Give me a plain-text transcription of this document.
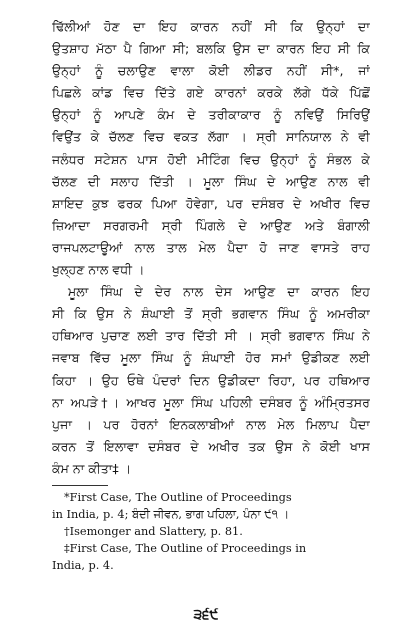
ਢਿੱਲੀਆਂ ਹੋਣ ਦਾ ਇਹ ਕਾਰਨ ਨਹੀਂ ਸੀ ਕਿ ਉਨ੍ਹਾਂ ਦਾ
ਉਤਸ਼ਾਹ ਮੱਠਾ ਪੈ ਗਿਆ ਸੀ; ਬਲਕਿ ਉਸ ਦਾ ਕਾਰਨ ਇਹ ਸੀ ਕਿ
ਉਨ੍ਹਾਂ ਨੂੰ ਚਲਾਉਣ ਵਾਲਾ ਕੋਈ ਲੀਡਰ ਨਹੀਂ ਸੀ*, ਜਾਂ
ਪਿਛਲੇ ਕਾਂਡ ਵਿਚ ਦਿੱਤੇ ਗਏ ਕਾਰਨਾਂ ਕਰਕੇ ਲੱਗੇ ਧੱਕੇ ਪਿੱਛੋਂ
ਉਨ੍ਹਾਂ ਨੂੰ ਆਪਣੇ ਕੰਮ ਦੇ ਤਰੀਕਾਕਾਰ ਨੂੰ ਨਵਿਉਂ ਸਿਰਿਉਂ
ਵਿਉਂਤ ਕੇ ਚੱਲਣ ਵਿਚ ਵਕਤ ਲੱਗਾ । ਸ੍ਰੀ ਸਾਨਿਯਾਲ ਨੇ ਵੀ
ਜਲੰਧਰ ਸਟੇਸ਼ਨ ਪਾਸ ਹੋਈ ਮੀਟਿੰਗ ਵਿਚ ਉਨ੍ਹਾਂ ਨੂੰ ਸੰਭਲ ਕੇ
ਚੱਲਣ ਦੀ ਸਲਾਹ ਦਿੱਤੀ । ਮੂਲਾ ਸਿੰਘ ਦੇ ਆਉਣ ਨਾਲ ਵੀ
ਸ਼ਾਇਦ ਕੁਝ ਫਰਕ ਪਿਆ ਹੋਵੇਗਾ, ਪਰ ਦਸੰਬਰ ਦੇ ਅਖੀਰ ਵਿਚ
ਜ਼ਿਆਦਾ ਸਰਗਰਮੀ ਸ੍ਰੀ ਪਿੰਗਲੇ ਦੇ ਆਉਣ ਅਤੇ ਬੰਗਾਲੀ
ਰਾਜਪਲਟਾਊਆਂ ਨਾਲ ਤਾਲ ਮੇਲ ਪੈਦਾ ਹੋ ਜਾਣ ਵਾਸਤੇ ਰਾਹ
ਖੁਲ੍ਹਣ ਨਾਲ ਵਧੀ ।
ਮੂਲਾ ਸਿੰਘ ਦੇ ਦੇਰ ਨਾਲ ਦੇਸ ਆਉਣ ਦਾ ਕਾਰਨ ਇਹ
ਸੀ ਕਿ ਉਸ ਨੇ ਸ਼ੰਘਾਈ ਤੋਂ ਸ੍ਰੀ ਭਗਵਾਨ ਸਿੰਘ ਨੂੰ ਅਮਰੀਕਾ
ਹਥਿਆਰ ਪੁਚਾਣ ਲਈ ਤਾਰ ਦਿੱਤੀ ਸੀ । ਸ੍ਰੀ ਭਗਵਾਨ ਸਿੰਘ ਨੇ
ਜਵਾਬ ਵਿੱਚ ਮੂਲਾ ਸਿੰਘ ਨੂੰ ਸ਼ੰਘਾਈ ਹੋਰ ਸਮਾਂ ਉਡੀਕਣ ਲਈ
ਕਿਹਾ । ਉਹ ਓਥੇ ਪੰਦਰਾਂ ਦਿਨ ਉਡੀਕਦਾ ਰਿਹਾ, ਪਰ ਹਥਿਆਰ
ਨਾ ਅਪੜੇ†। ਆਖਰ ਮੂਲਾ ਸਿੰਘ ਪਹਿਲੀ ਦਸੰਬਰ ਨੂੰ ਅੰਮ੍ਰਿਤਸਰ
ਪੁਜਾ । ਪਰ ਹੋਰਨਾਂ ਇਨਕਲਾਬੀਆਂ ਨਾਲ ਮੇਲ ਮਿਲਾਪ ਪੈਦਾ
ਕਰਨ ਤੋਂ ਇਲਾਵਾ ਦਸੰਬਰ ਦੇ ਅਖੀਰ ਤਕ ਉਸ ਨੇ ਕੋਈ ਖਾਸ
ਕੰਮ ਨਾ ਕੀਤਾ‡ ।
*First Case, The Outline of Proceedings
in India, p. 4; ਬੰਦੀ ਜੀਵਨ, ਭਾਗ ਪਹਿਲਾ, ਪੰਨਾ ੯੧ ।
†Isemonger and Slattery, p. 81.
‡First Case, The Outline of Proceedings in
India, p. 4.
੩੬੯
